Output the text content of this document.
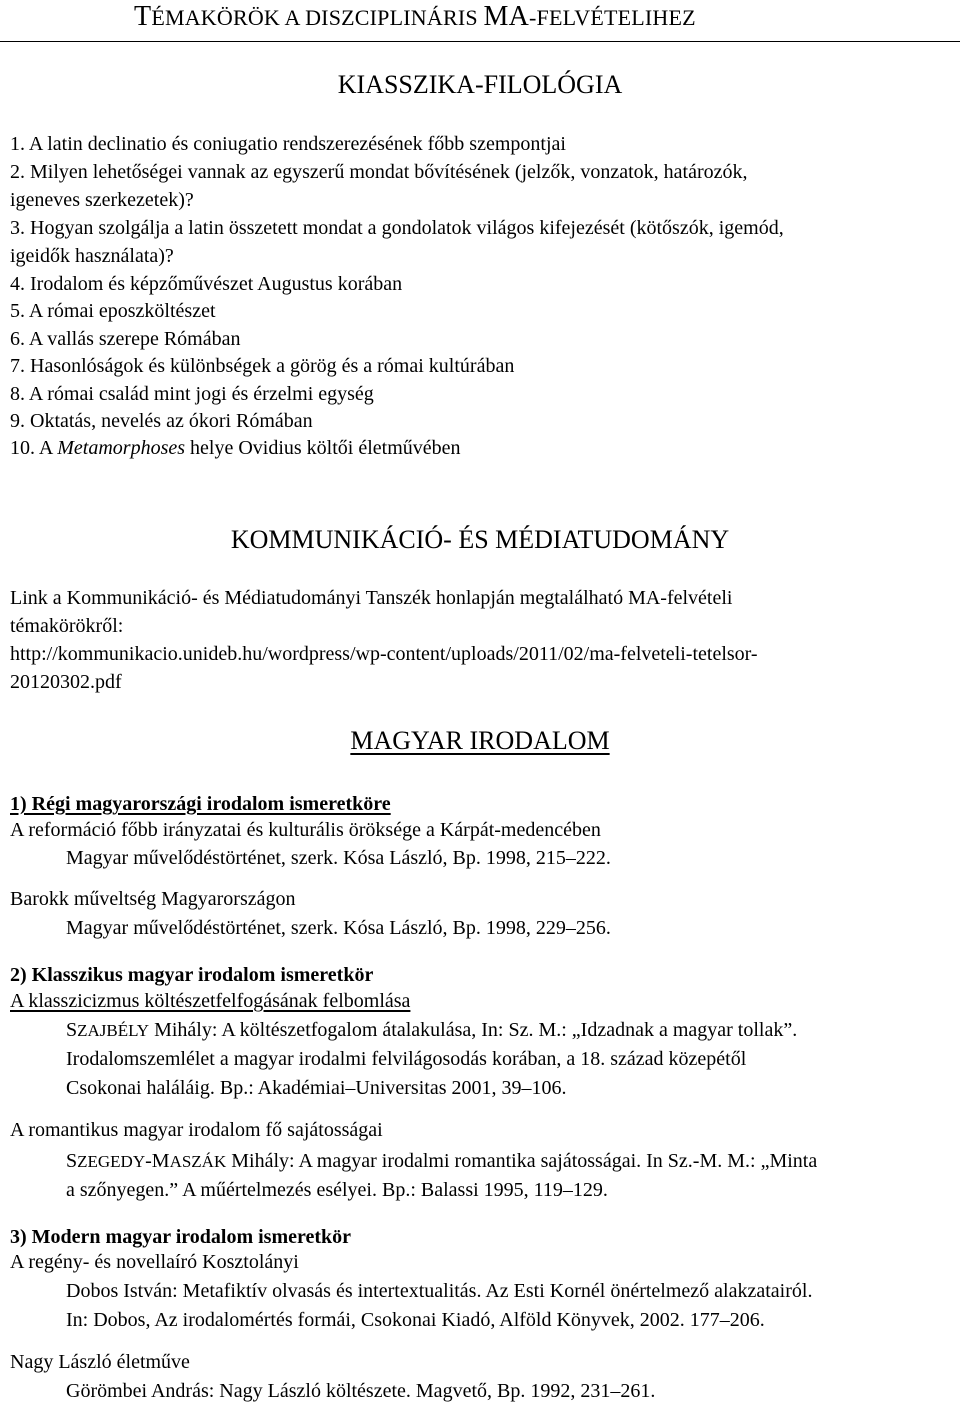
TÉMAKÖRÖK A DISZCIPLINÁRIS MA-FELVÉTELIHEZ
KIASSZIKA-FILOLÓGIA
1. A latin declinatio és coniugatio rendszerezésének főbb szempontjai
2. Milyen lehetőségei vannak az egyszerű mondat bővítésének (jelzők, vonzatok, határozók,
igeneves szerkezetek)?
3. Hogyan szolgálja a latin összetett mondat a gondolatok világos kifejezését (kötőszók, igemód,
igeidők használata)?
4. Irodalom és képzőművészet Augustus korában
5. A római eposzköltészet
6. A vallás szerepe Rómában
7. Hasonlóságok és különbségek a görög és a római kultúrában
8. A római család mint jogi és érzelmi egység
9. Oktatás, nevelés az ókori Rómában
10. A Metamorphoses helye Ovidius költői életművében
KOMMUNIKÁCIÓ- ÉS MÉDIATUDOMÁNY
Link a Kommunikáció- és Médiatudományi Tanszék honlapján megtalálható MA-felvételi
témakörökről:
http://kommunikacio.unideb.hu/wordpress/wp-content/uploads/2011/02/ma-felveteli-tetelsor-
20120302.pdf
MAGYAR IRODALOM
1) Régi magyarországi irodalom ismeretköre
A reformáció főbb irányzatai és kulturális öröksége a Kárpát-medencében
Magyar művelődéstörténet, szerk. Kósa László, Bp. 1998, 215–222.
Barokk műveltség Magyarországon
Magyar művelődéstörténet, szerk. Kósa László, Bp. 1998, 229–256.
2) Klasszikus magyar irodalom ismeretkör
A klasszicizmus költészetfelfogásának felbomlása
SZAJBÉLY Mihály: A költészetfogalom átalakulása, In: Sz. M.: „Idzadnak a magyar tollak”.
Irodalomszemlélet a magyar irodalmi felvilágosodás korában, a 18. század közepétől
Csokonai haláláig. Bp.: Akadémiai–Universitas 2001, 39–106.
A romantikus magyar irodalom fő sajátosságai
SZEGEDY-MASZÁK Mihály: A magyar irodalmi romantika sajátosságai. In Sz.-M. M.: „Minta
a szőnyegen.” A műértelmezés esélyei. Bp.: Balassi 1995, 119–129.
3) Modern magyar irodalom ismeretkör
A regény- és novellaíró Kosztolányi
Dobos István: Metafiktív olvasás és intertextualitás. Az Esti Kornél önértelmező alakzatairól.
In: Dobos, Az irodalomértés formái, Csokonai Kiadó, Alföld Könyvek, 2002. 177–206.
Nagy László életműve
Görömbei András: Nagy László költészete. Magvető, Bp. 1992, 231–261.
